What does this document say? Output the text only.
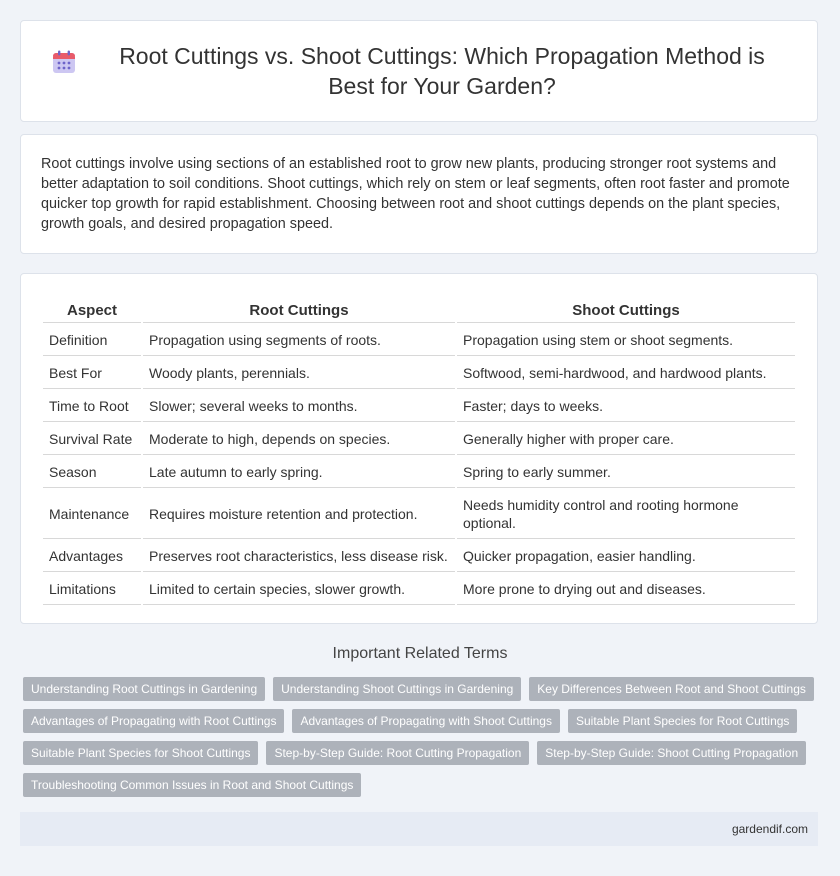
Root Cuttings vs. Shoot Cuttings: Which Propagation Method is Best for Your Garden?

Root cuttings involve using sections of an established root to grow new plants, producing stronger root systems and better adaptation to soil conditions. Shoot cuttings, which rely on stem or leaf segments, often root faster and promote quicker top growth for rapid establishment. Choosing between root and shoot cuttings depends on the plant species, growth goals, and desired propagation speed.

Aspect	Root Cuttings	Shoot Cuttings
Definition	Propagation using segments of roots.	Propagation using stem or shoot segments.
Best For	Woody plants, perennials.	Softwood, semi-hardwood, and hardwood plants.
Time to Root	Slower; several weeks to months.	Faster; days to weeks.
Survival Rate	Moderate to high, depends on species.	Generally higher with proper care.
Season	Late autumn to early spring.	Spring to early summer.
Maintenance	Requires moisture retention and protection.	Needs humidity control and rooting hormone optional.
Advantages	Preserves root characteristics, less disease risk.	Quicker propagation, easier handling.
Limitations	Limited to certain species, slower growth.	More prone to drying out and diseases.
Important Related Terms
Understanding Root Cuttings in Gardening	Understanding Shoot Cuttings in Gardening	Key Differences Between Root and Shoot Cuttings
Advantages of Propagating with Root Cuttings	Advantages of Propagating with Shoot Cuttings	Suitable Plant Species for Root Cuttings
Suitable Plant Species for Shoot Cuttings	Step-by-Step Guide: Root Cutting Propagation	Step-by-Step Guide: Shoot Cutting Propagation
Troubleshooting Common Issues in Root and Shoot Cuttings
gardendif.com
